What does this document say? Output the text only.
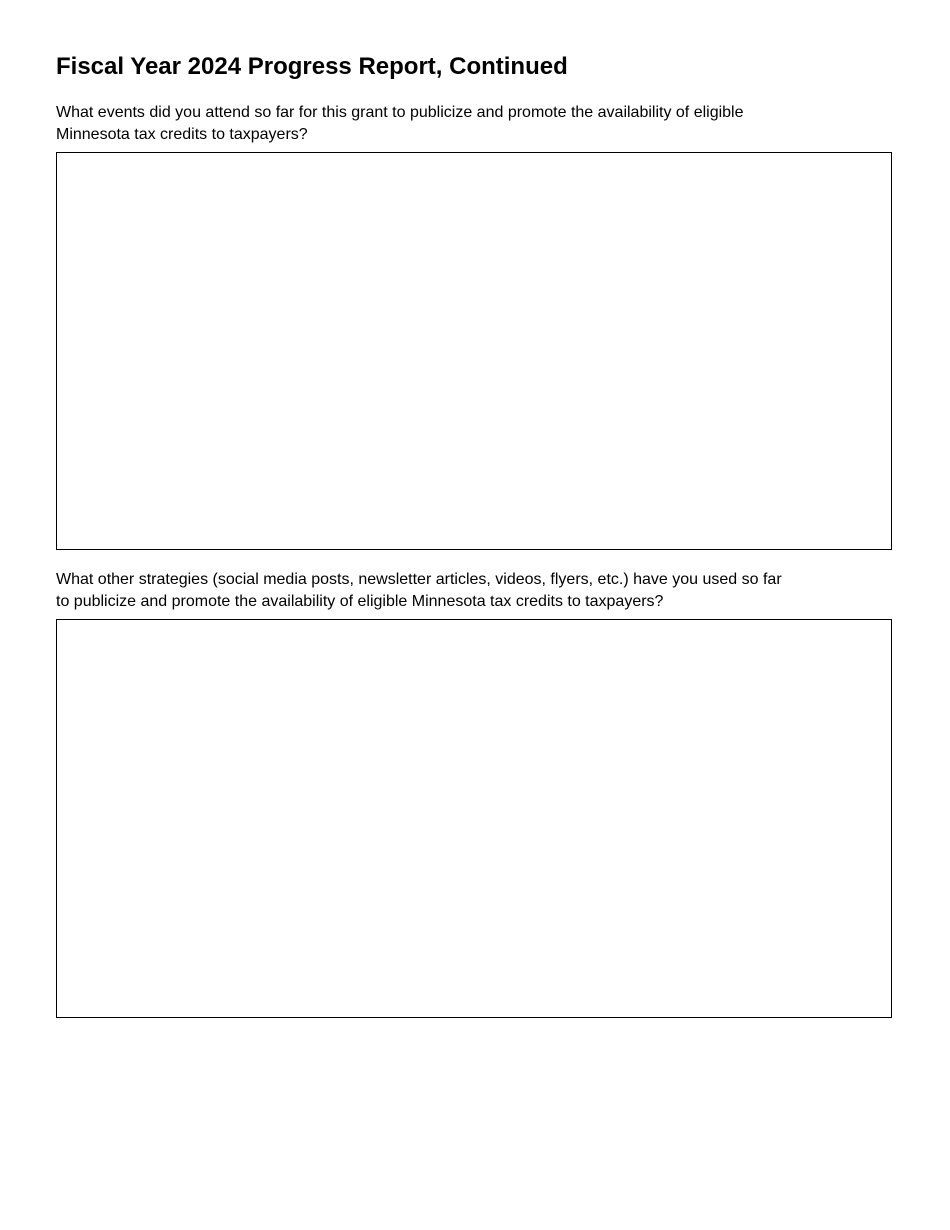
Fiscal Year 2024 Progress Report, Continued

What events did you attend so far for this grant to publicize and promote the availability of eligible
Minnesota tax credits to taxpayers?

What other strategies (social media posts, newsletter articles, videos, flyers, etc.) have you used so far
to publicize and promote the availability of eligible Minnesota tax credits to taxpayers?
